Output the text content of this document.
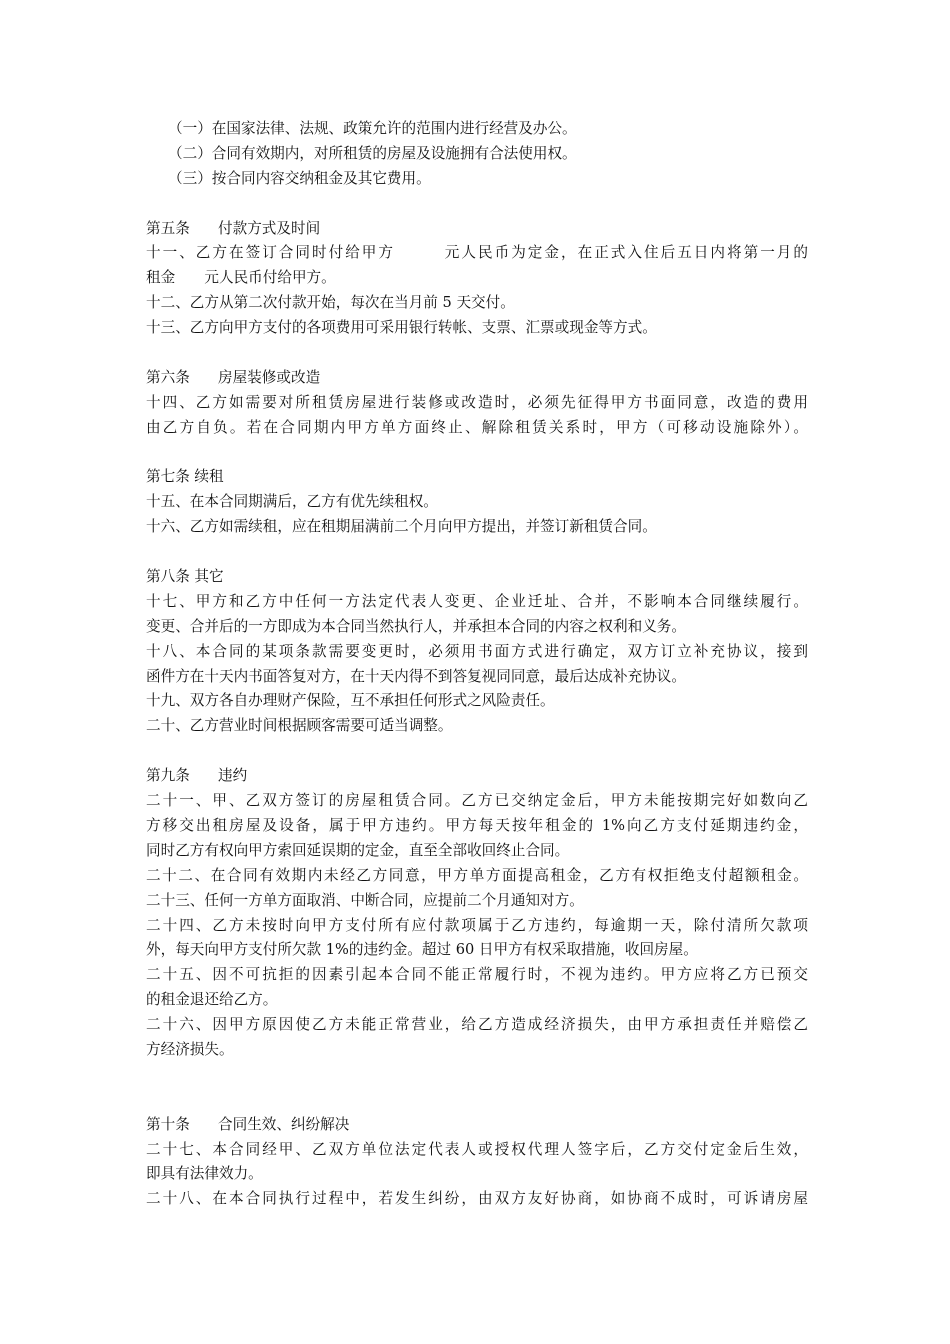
（一）在国家法律、法规、政策允许的范围内进行经营及办公。
（二）合同有效期内，对所租赁的房屋及设施拥有合法使用权。
（三）按合同内容交纳租金及其它费用。
第五条 付款方式及时间
十一、乙方在签订合同时付给甲方　　　元人民币为定金，在正式入住后五日内将第一月的
租金　　元人民币付给甲方。
十二、乙方从第二次付款开始，每次在当月前 5 天交付。
十三、乙方向甲方支付的各项费用可采用银行转帐、支票、汇票或现金等方式。
第六条 房屋装修或改造
十四、乙方如需要对所租赁房屋进行装修或改造时，必须先征得甲方书面同意，改造的费用
由乙方自负。若在合同期内甲方单方面终止、解除租赁关系时，甲方（可移动设施除外）。
第七条 续租
十五、在本合同期满后，乙方有优先续租权。
十六、乙方如需续租，应在租期届满前二个月向甲方提出，并签订新租赁合同。
第八条 其它
十七、甲方和乙方中任何一方法定代表人变更、企业迁址、合并，不影响本合同继续履行。
变更、合并后的一方即成为本合同当然执行人，并承担本合同的内容之权利和义务。
十八、本合同的某项条款需要变更时，必须用书面方式进行确定，双方订立补充协议，接到
函件方在十天内书面答复对方，在十天内得不到答复视同同意，最后达成补充协议。
十九、双方各自办理财产保险，互不承担任何形式之风险责任。
二十、乙方营业时间根据顾客需要可适当调整。
第九条 违约
二十一、甲、乙双方签订的房屋租赁合同。乙方已交纳定金后，甲方未能按期完好如数向乙
方移交出租房屋及设备，属于甲方违约。甲方每天按年租金的 1%向乙方支付延期违约金，
同时乙方有权向甲方索回延误期的定金，直至全部收回终止合同。
二十二、在合同有效期内未经乙方同意，甲方单方面提高租金，乙方有权拒绝支付超额租金。
二十三、任何一方单方面取消、中断合同，应提前二个月通知对方。
二十四、乙方未按时向甲方支付所有应付款项属于乙方违约，每逾期一天，除付清所欠款项
外，每天向甲方支付所欠款 1%的违约金。超过 60 日甲方有权采取措施，收回房屋。
二十五、因不可抗拒的因素引起本合同不能正常履行时，不视为违约。甲方应将乙方已预交
的租金退还给乙方。
二十六、因甲方原因使乙方未能正常营业，给乙方造成经济损失，由甲方承担责任并赔偿乙
方经济损失。
第十条 合同生效、纠纷解决
二十七、本合同经甲、乙双方单位法定代表人或授权代理人签字后，乙方交付定金后生效，
即具有法律效力。
二十八、在本合同执行过程中，若发生纠纷，由双方友好协商，如协商不成时，可诉请房屋
